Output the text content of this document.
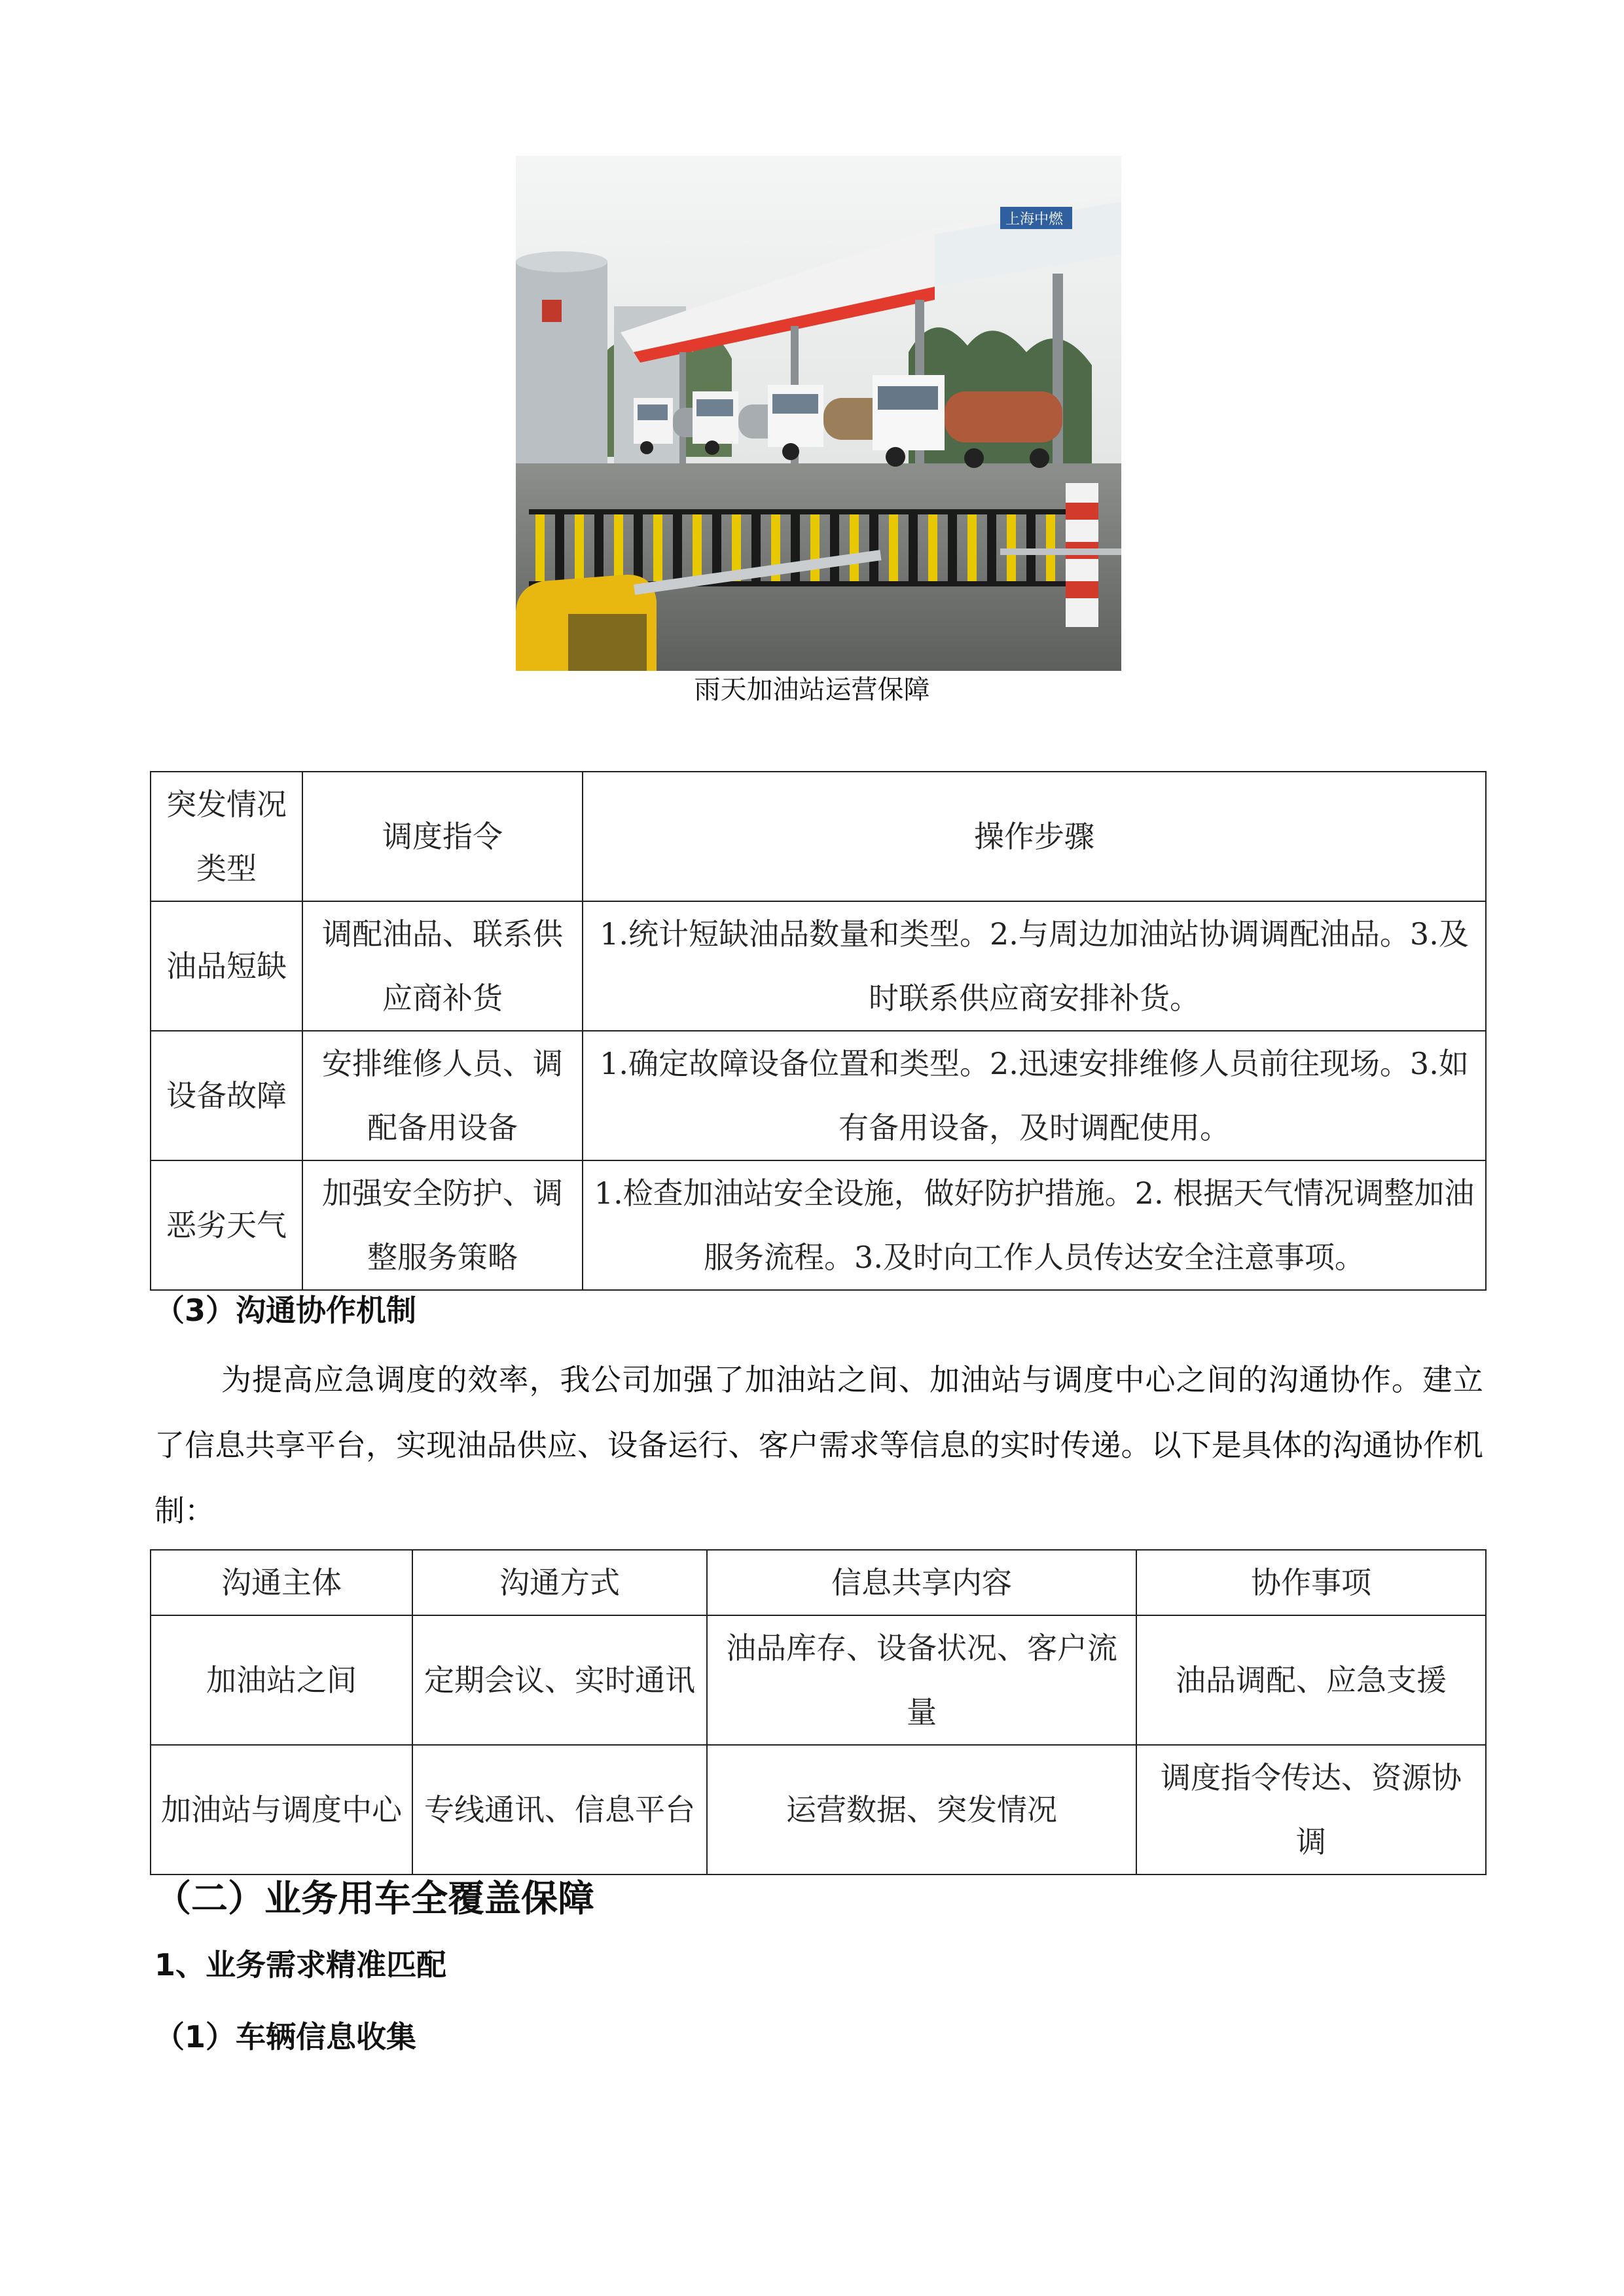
上海中燃
雨天加油站运营保障
突发情况类型	调度指令	操作步骤
油品短缺	调配油品、联系供应商补货	1.统计短缺油品数量和类型。2.与周边加油站协调调配油品。3.及时联系供应商安排补货。
设备故障	安排维修人员、调配备用设备	1.确定故障设备位置和类型。2.迅速安排维修人员前往现场。3.如有备用设备，及时调配使用。
恶劣天气	加强安全防护、调整服务策略	1.检查加油站安全设施，做好防护措施。2. 根据天气情况调整加油服务流程。3.及时向工作人员传达安全注意事项。
（3）沟通协作机制
为提高应急调度的效率，我公司加强了加油站之间、加油站与调度中心之间的沟通协作。建立了信息共享平台，实现油品供应、设备运行、客户需求等信息的实时传递。以下是具体的沟通协作机制：
沟通主体	沟通方式	信息共享内容	协作事项
加油站之间	定期会议、实时通讯	油品库存、设备状况、客户流量	油品调配、应急支援
加油站与调度中心	专线通讯、信息平台	运营数据、突发情况	调度指令传达、资源协调
（二）业务用车全覆盖保障
1、业务需求精准匹配
（1）车辆信息收集
